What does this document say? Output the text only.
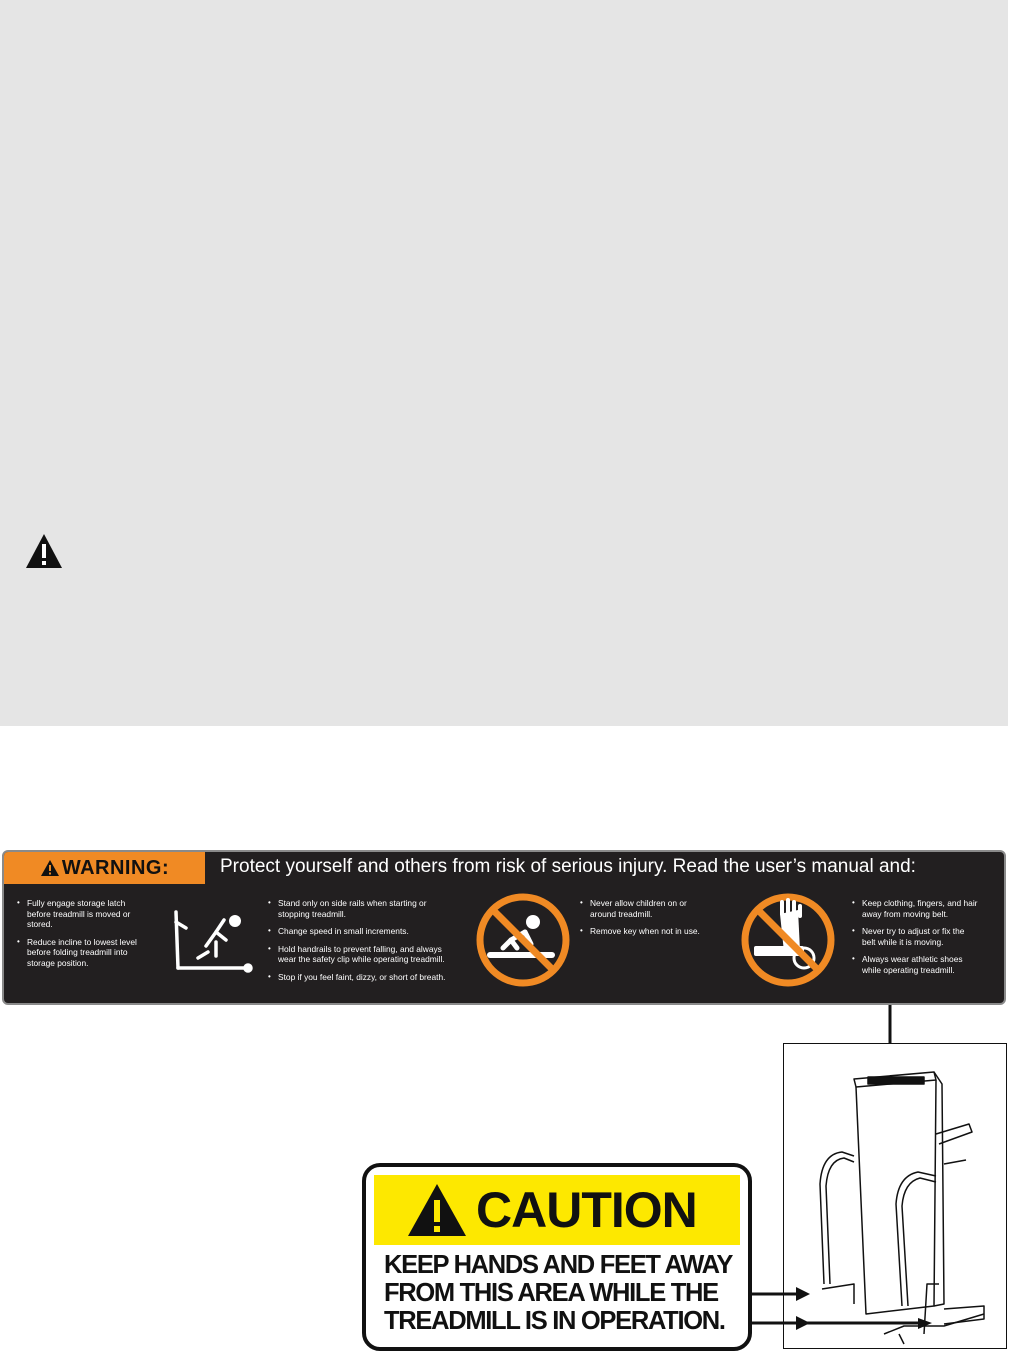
WARNING:	Protect yourself and others from risk of serious injury. Read the user’s manual and:
• Fully engage storage latch
before treadmill is moved or
stored.
• Reduce incline to lowest level
before folding treadmill into
storage position.
• Stand only on side rails when starting or
stopping treadmill.
• Change speed in small increments.
• Hold handrails to prevent falling, and always
wear the safety clip while operating treadmill.
• Stop if you feel faint, dizzy, or short of breath.
• Never allow children on or
around treadmill.
• Remove key when not in use.
• Keep clothing, fingers, and hair
away from moving belt.
• Never try to adjust or fix the
belt while it is moving.
• Always wear athletic shoes
while operating treadmill.
CAUTION
KEEP HANDS AND FEET AWAY
FROM THIS AREA WHILE THE
TREADMILL IS IN OPERATION.
